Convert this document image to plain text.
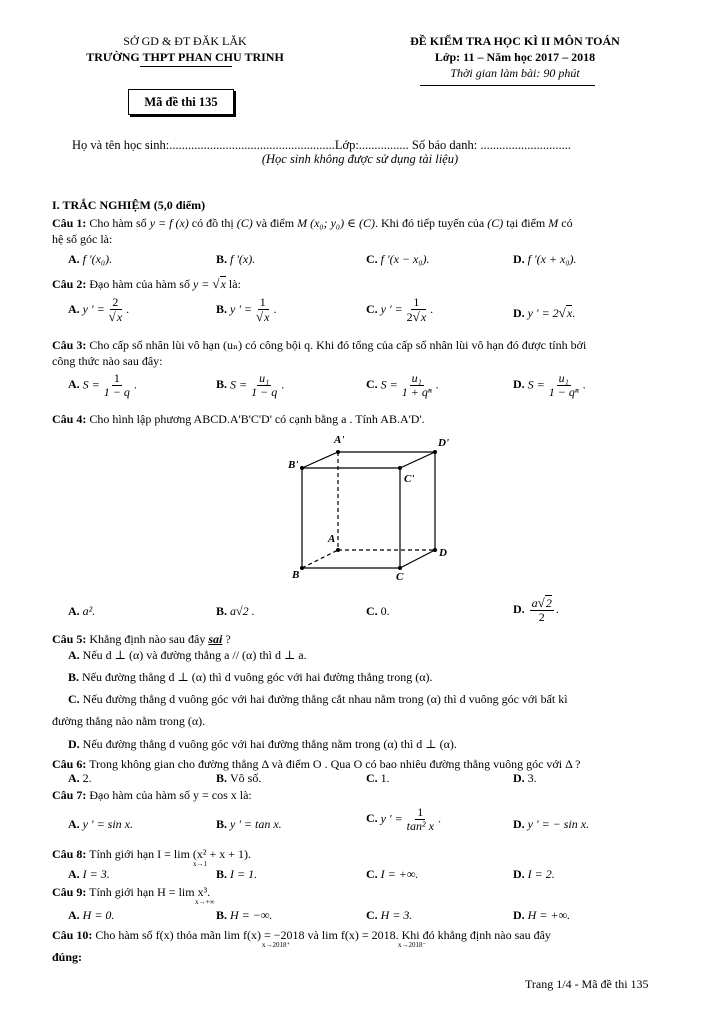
SỞ GD & ĐT ĐĂK LĂK
TRƯỜNG THPT PHAN CHU TRINH
ĐỀ KIỂM TRA HỌC KÌ II MÔN TOÁN
Lớp: 11 – Năm học 2017 – 2018
Thời gian làm bài: 90 phút
Mã đề thi 135
Họ và tên học sinh:.....................................................Lớp:................ Số báo danh: .............................
(Học sinh không được sử dụng tài liệu)
I. TRẮC NGHIỆM (5,0 điểm)
Câu 1: Cho hàm số y = f (x) có đồ thị (C) và điểm M (x₀; y₀) ∈ (C). Khi đó tiếp tuyến của (C) tại điểm M có
hệ số góc là:
A. f '(x₀).	B. f '(x).	C. f '(x − x₀).	D. f '(x + x₀).
Câu 2: Đạo hàm của hàm số y = √x là:
A. y ' = $\frac{2}{√x}$ .	B. y ' = $\frac{1}{√x}$ .	C. y ' = $\frac{1}{2√x}$ .	D. y ' = 2√x.
Câu 3: Cho cấp số nhân lùi vô hạn (uₙ) có công bội q. Khi đó tổng của cấp số nhân lùi vô hạn đó được tính bởi
công thức nào sau đây:
A. $S = \frac{1}{1 - q}$ .	B. $S = \frac{\text{u₁}}{1 - q}$ .	C. $S = \frac{\text{u₁}}{\text{1 + qⁿ}}$ .	D. $S = \frac{\text{u₁}}{\text{1 − qⁿ}}$ .
Câu 4: Cho hình lập phương ABCD.A'B'C'D' có cạnh bằng a . Tính AB.A'D'.
A'	D'
B'
C'
A
D
B	C
A. a².	B. a√2 .	C. 0.	D. $\frac{a√2}{2}$ .
Câu 5: Khẳng định nào sau đây sai ?
A. Nếu d ⊥ (α) và đường thẳng a // (α) thì d ⊥ a.
B. Nếu đường thẳng d ⊥ (α) thì d vuông góc với hai đường thẳng trong (α).
C. Nếu đường thẳng d vuông góc với hai đường thẳng cắt nhau nằm trong (α) thì d vuông góc với bất kì
đường thẳng nào nằm trong (α).
D. Nếu đường thẳng d vuông góc với hai đường thẳng nằm trong (α) thì d ⊥ (α).
Câu 6: Trong không gian cho đường thẳng Δ và điểm O . Qua O có bao nhiêu đường thẳng vuông góc với Δ ?
A. 2.	B. Vô số.	C. 1.	D. 3.
Câu 7: Đạo hàm của hàm số y = cos x là:
A. y ' = sin x.	B. y ' = tan x.	C. y ' = $\frac{1}{\text{tan² x}}$ .	D. y ' = − sin x.
Câu 8: Tính giới hạn I = lim (x² + x + 1).
x→1
A. I = 3.	B. I = 1.	C. I = +∞.	D. I = 2.
Câu 9: Tính giới hạn H = lim x³.
x→+∞
A. H = 0.	B. H = −∞.	C. H = 3.	D. H = +∞.
Câu 10: Cho hàm số f(x) thỏa mãn lim f(x) = −2018 và lim f(x) = 2018. Khi đó khẳng định nào sau đây
x→2018⁺	x→2018⁻
đúng:
Trang 1/4 - Mã đề thi 135
